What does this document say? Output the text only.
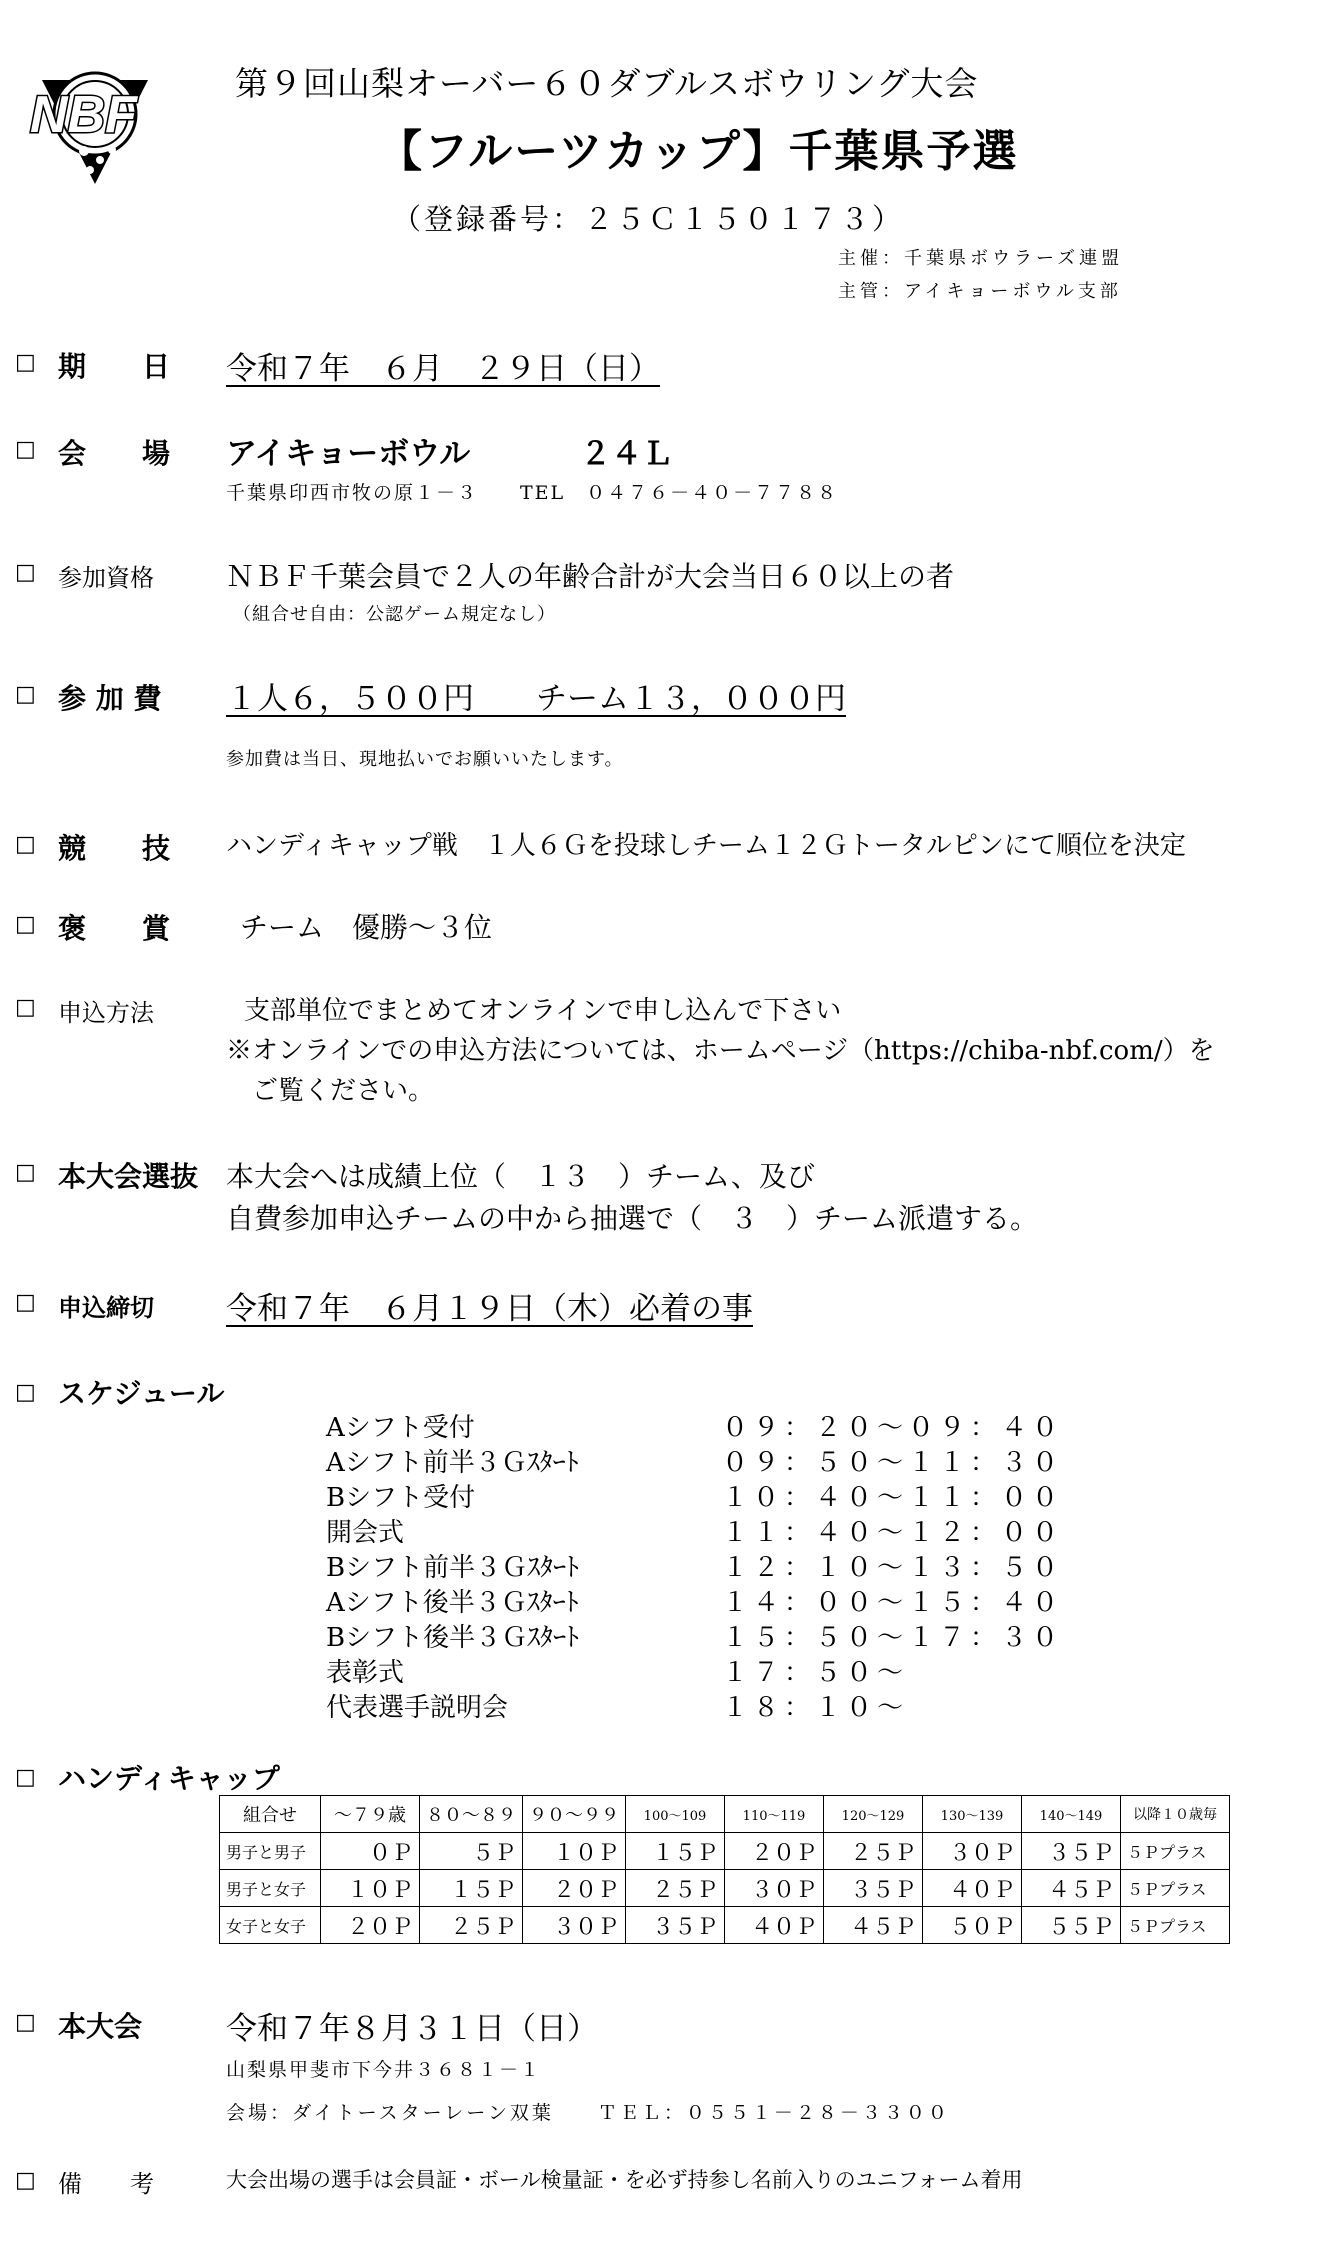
NBF
第９回山梨オーバー６０ダブルスボウリング大会
【フルーツカップ】千葉県予選
（登録番号：２５Ｃ１５０１７３）
主催：千葉県ボウラーズ連盟
主管：アイキョーボウル支部
□ 期　　日 令和７年　６月　２９日（日）
□ 会　　場 アイキョーボウル	２４Ｌ
千葉県印西市牧の原１－３　　TEL　０４７６－４０－７７８８
□ 参加資格	ＮＢＦ千葉会員で２人の年齢合計が大会当日６０以上の者
（組合せ自由：公認ゲーム規定なし）
□ 参 加 費 １人６，５００円　　チーム１３，０００円
参加費は当日、現地払いでお願いいたします。
□ 競　　技 ハンディキャップ戦　１人６Ｇを投球しチーム１２Ｇトータルピンにて順位を決定
□ 褒　　賞 チーム　優勝～３位
□ 申込方法	支部単位でまとめてオンラインで申し込んで下さい
※オンラインでの申込方法については、ホームページ（https://chiba-nbf.com/）を
ご覧ください。
□ 本大会選抜 本大会へは成績上位（　１３　）チーム、及び
自費参加申込チームの中から抽選で（　３　）チーム派遣する。
□ 申込締切 令和７年　６月１９日（木）必着の事
□ スケジュール
Aシフト受付	０９：２０～０９：４０
Aシフト前半３Ｇｽﾀｰﾄ	０９：５０～１１：３０
Bシフト受付	１０：４０～１１：００
開会式	１１：４０～１２：００
Bシフト前半３Ｇｽﾀｰﾄ	１２：１０～１３：５０
Aシフト後半３Ｇｽﾀｰﾄ	１４：００～１５：４０
Bシフト後半３Ｇｽﾀｰﾄ	１５：５０～１７：３０
表彰式	１７：５０～
代表選手説明会	１８：１０～
□ ハンディキャップ
組合せ	～７９歳	８０～８９	９０～９９	100～109	110～119	120～129	130～139	140～149	以降１０歳毎
男子と男子	０Ｐ	５Ｐ	１０Ｐ	１５Ｐ	２０Ｐ	２５Ｐ	３０Ｐ	３５Ｐ	５Ｐプラス
男子と女子	１０Ｐ	１５Ｐ	２０Ｐ	２５Ｐ	３０Ｐ	３５Ｐ	４０Ｐ	４５Ｐ	５Ｐプラス
女子と女子	２０Ｐ	２５Ｐ	３０Ｐ	３５Ｐ	４０Ｐ	４５Ｐ	５０Ｐ	５５Ｐ	５Ｐプラス
□ 本大会	令和７年８月３１日（日）
山梨県甲斐市下今井３６８１－１
会場：ダイトースターレーン双葉　　ＴＥＬ：０５５１－２８－３３００
□ 備　　考	大会出場の選手は会員証・ボール検量証・を必ず持参し名前入りのユニフォーム着用
